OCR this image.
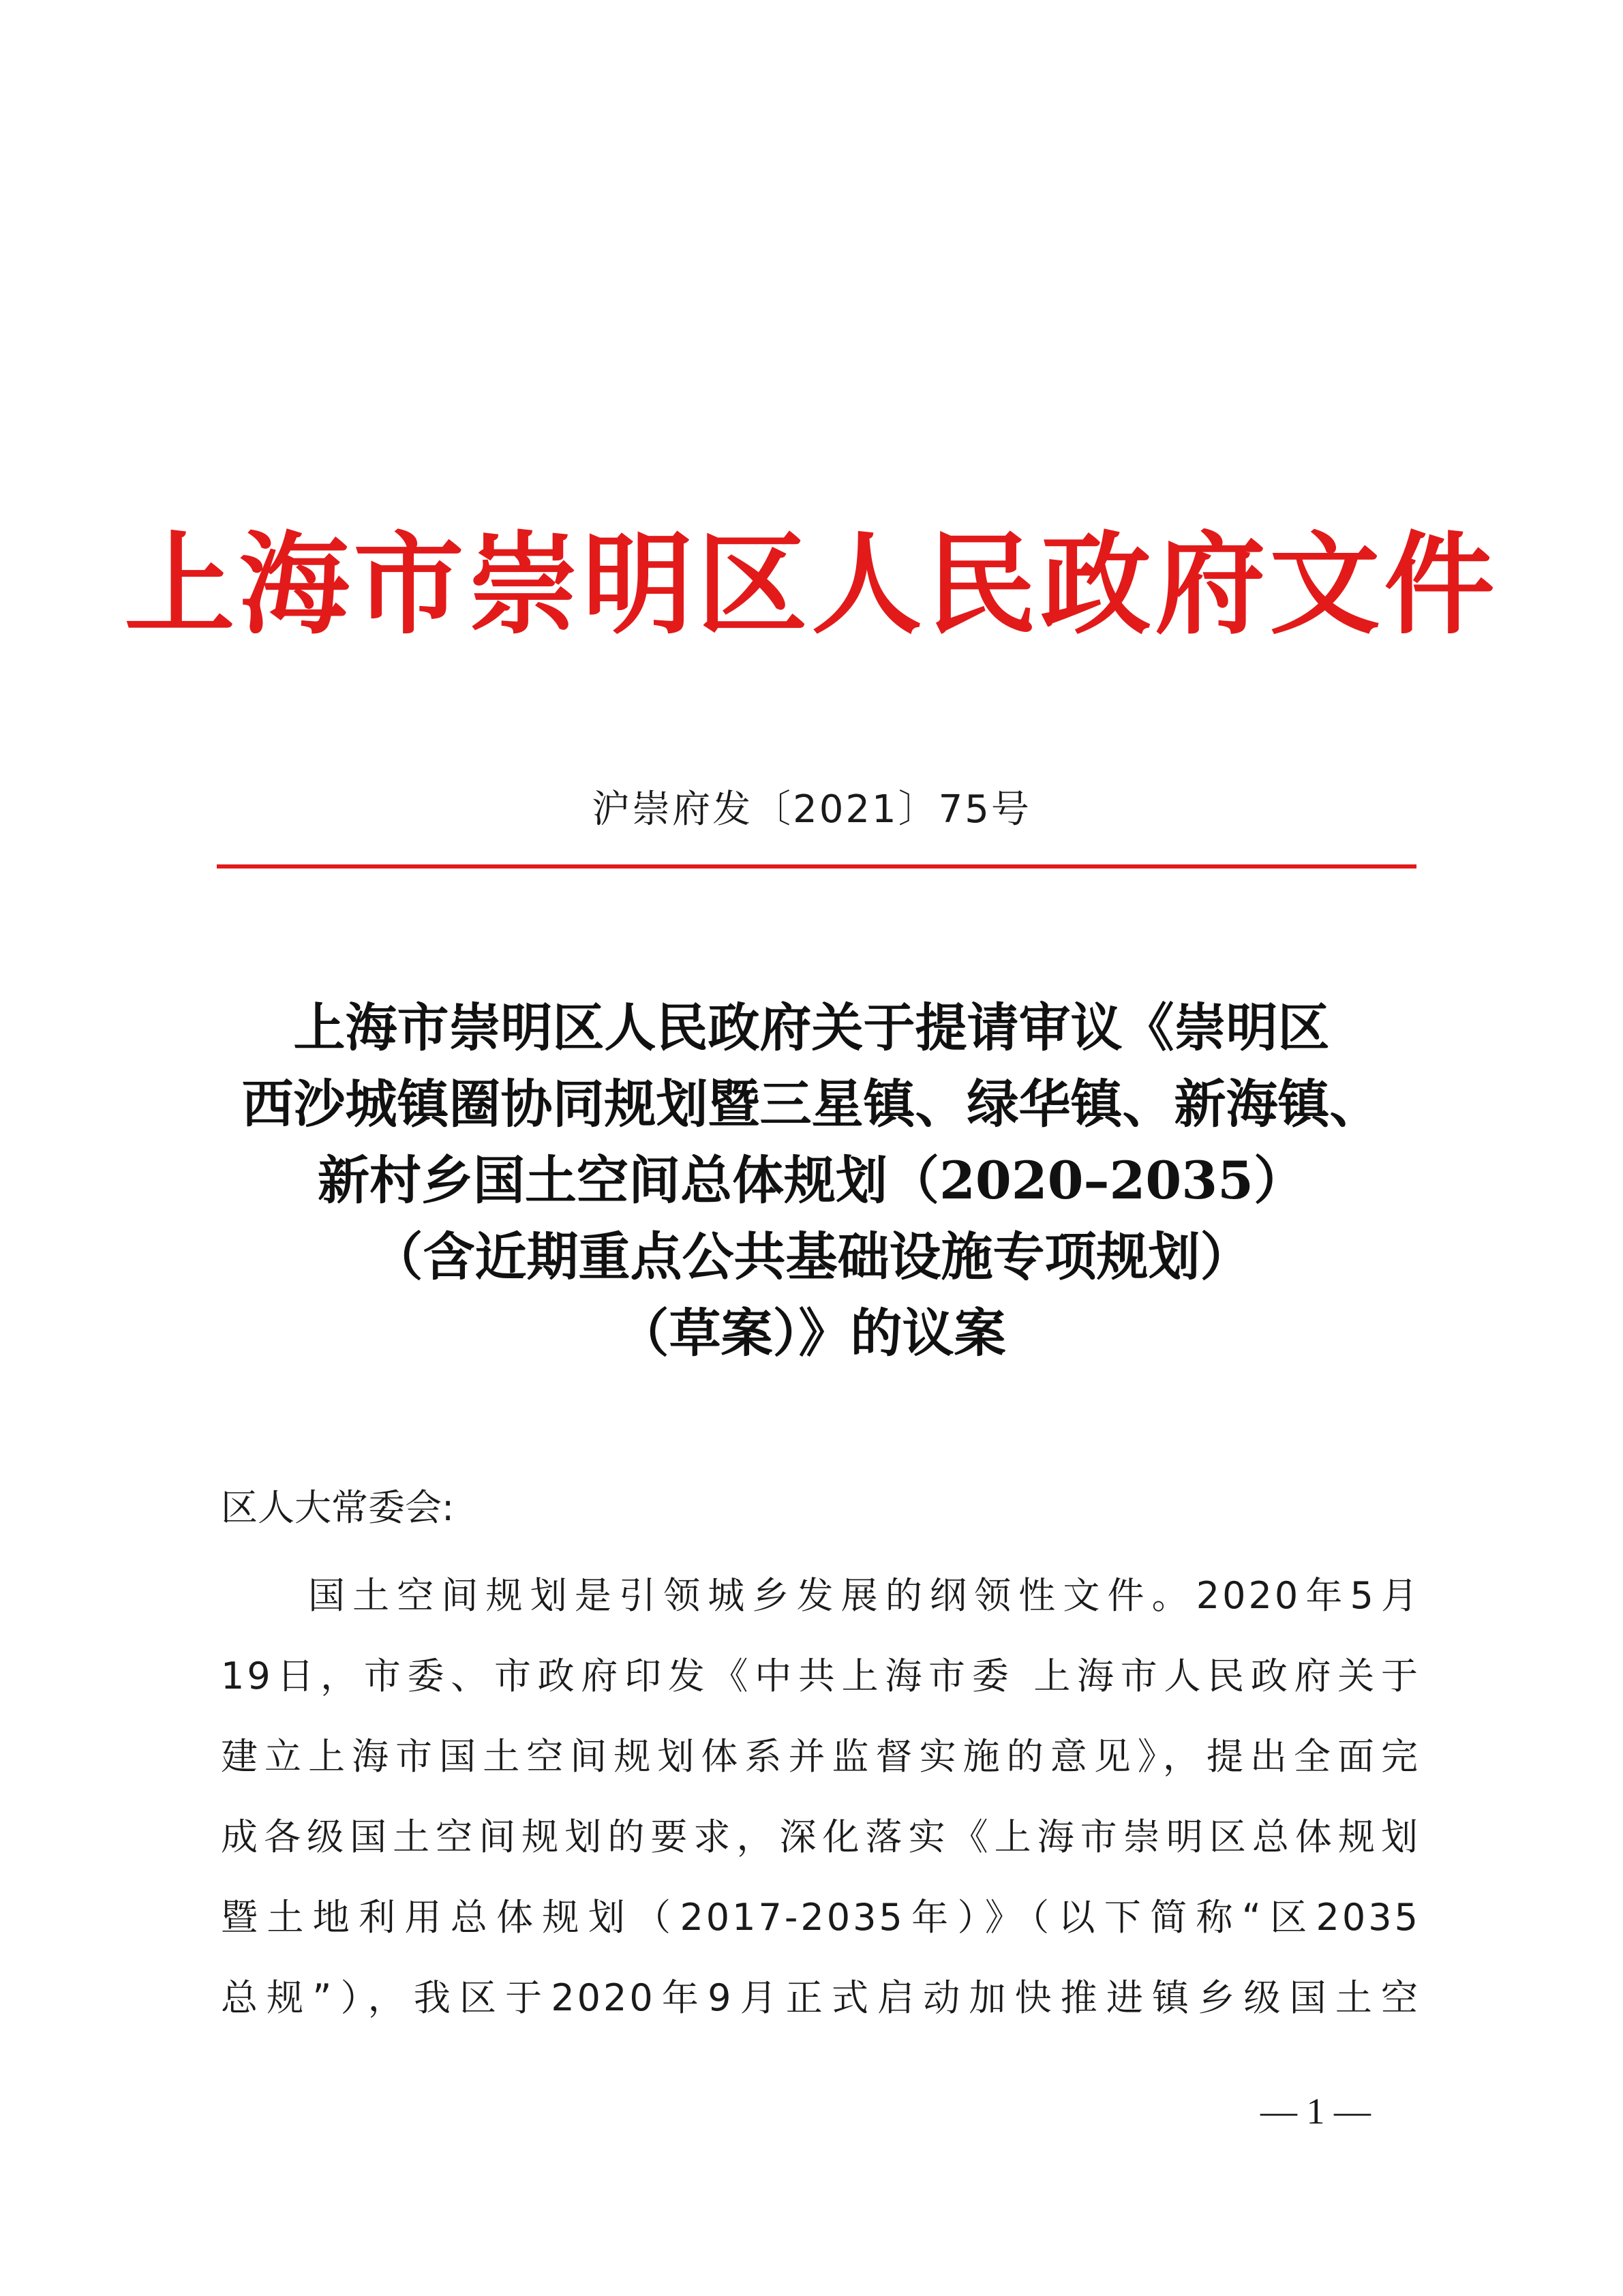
上海市崇明区人民政府文件
沪崇府发〔2021〕75号
上海市崇明区人民政府关于提请审议《崇明区
西沙城镇圈协同规划暨三星镇、绿华镇、新海镇、
新村乡国土空间总体规划（2020–2035）
（含近期重点公共基础设施专项规划）
（草案）》的议案
区人大常委会:
国土空间规划是引领城乡发展的纲领性文件。2020年5月
19日，市委、市政府印发《中共上海市委 上海市人民政府关于
建立上海市国土空间规划体系并监督实施的意见》，提出全面完
成各级国土空间规划的要求，深化落实《上海市崇明区总体规划
暨土地利用总体规划（2017-2035年）》（以下简称“区2035
总规”），我区于2020年9月正式启动加快推进镇乡级国土空
— 1 —
